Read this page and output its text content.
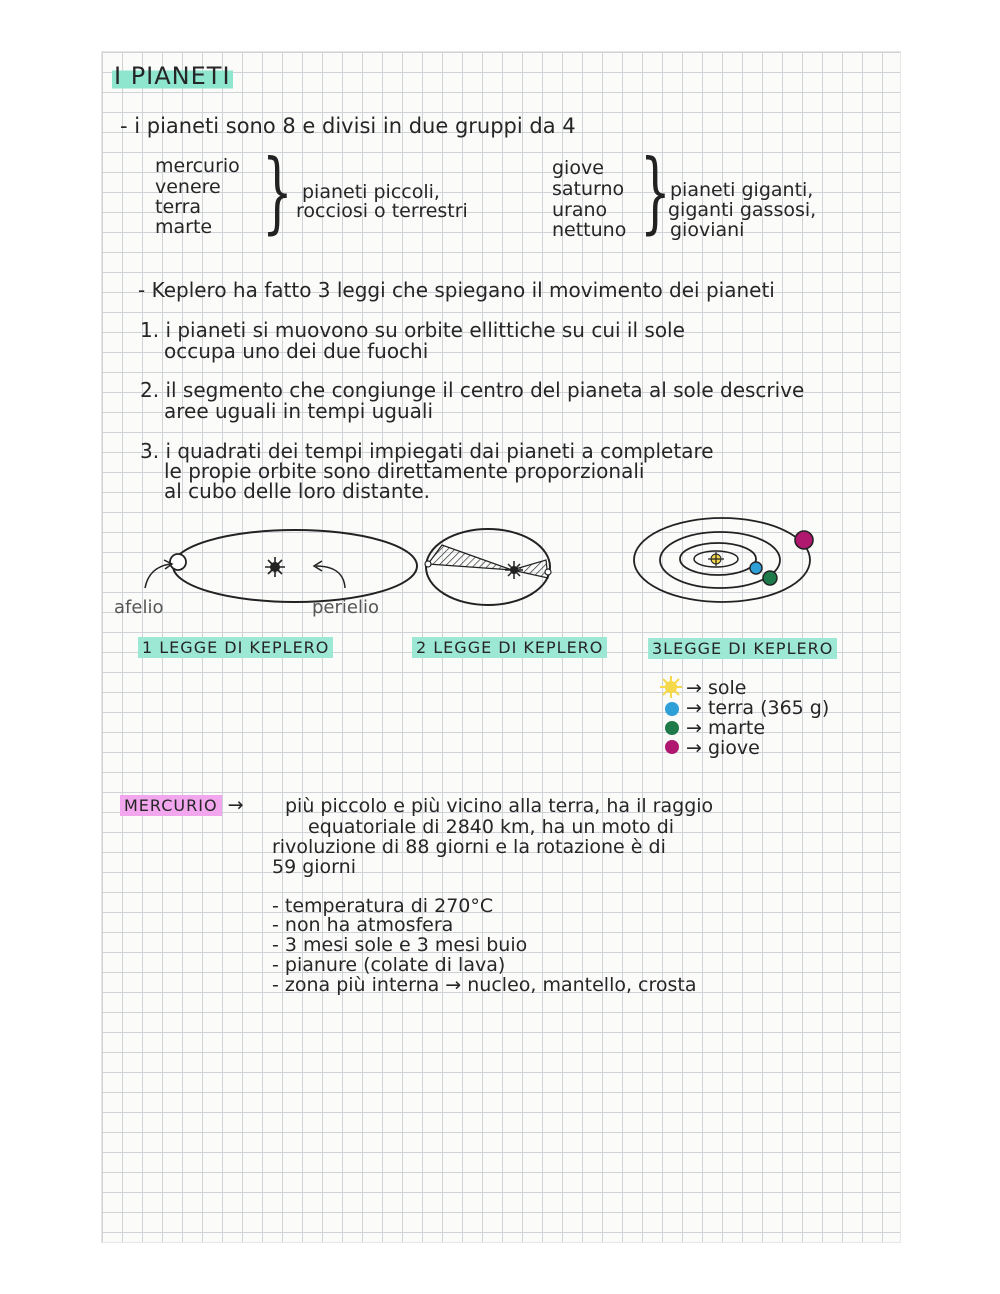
I PIANETI
- i pianeti sono 8 e divisi in due gruppi da 4
mercurio
venere
terra
marte } pianeti piccoli,
rocciosi o terrestri
giove
saturno
urano
nettuno } pianeti giganti,
giganti gassosi,
gioviani
- Keplero ha fatto 3 leggi che spiegano il movimento dei pianeti
1. i pianeti si muovono su orbite ellittiche su cui il sole
occupa uno dei due fuochi
2. il segmento che congiunge il centro del pianeta al sole descrive
aree uguali in tempi uguali
3. i quadrati dei tempi impiegati dai pianeti a completare
le propie orbite sono direttamente proporzionali
al cubo delle loro distante.
afelio	perielio
1 LEGGE DI KEPLERO	2 LEGGE DI KEPLERO	3LEGGE DI KEPLERO
→ sole
→ terra (365 g)
→ marte
→ giove
MERCURIO → più piccolo e più vicino alla terra, ha il raggio
equatoriale di 2840 km, ha un moto di
rivoluzione di 88 giorni e la rotazione è di
59 giorni
- temperatura di 270°C
- non ha atmosfera
- 3 mesi sole e 3 mesi buio
- pianure (colate di lava)
- zona più interna → nucleo, mantello, crosta
